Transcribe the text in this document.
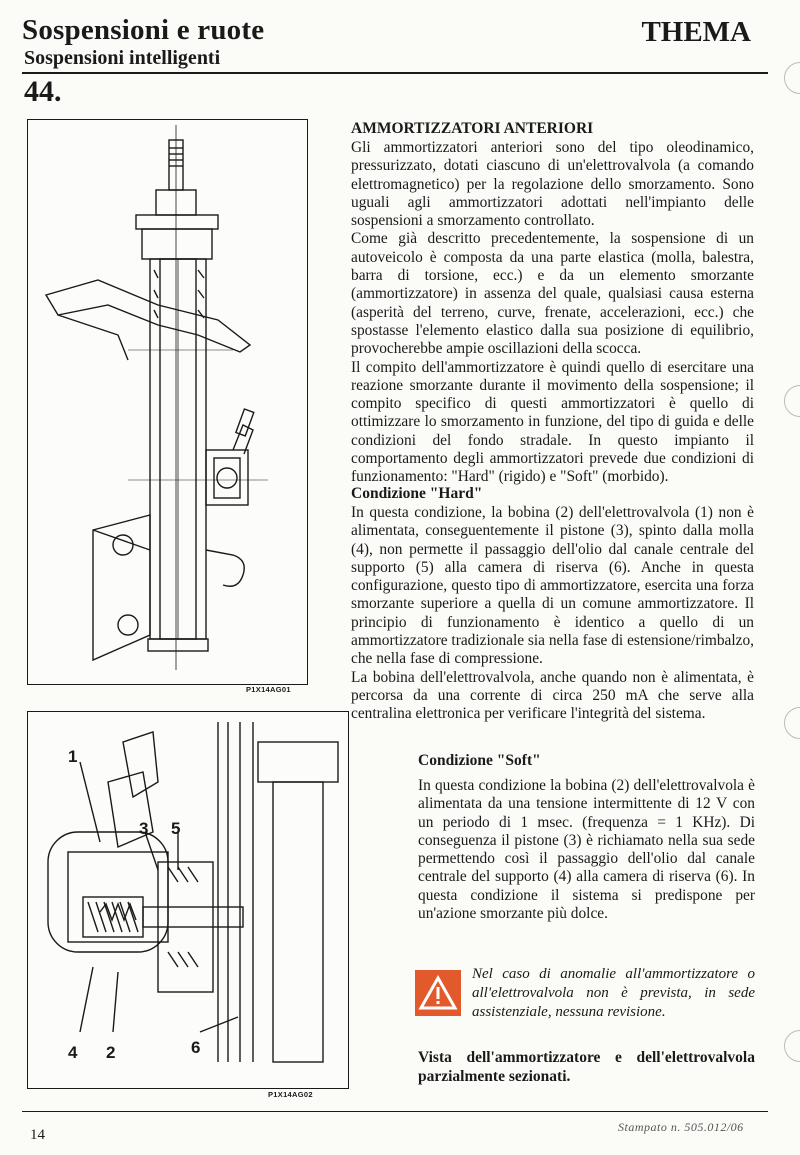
Sospensioni e ruote
Sospensioni intelligenti
THEMA
44.
P1X14AG01
1
3 5
4 2	6
P1X14AG02
AMMORTIZZATORI ANTERIORI

Gli ammortizzatori anteriori sono del tipo oleodinamico, pressurizzato, dotati ciascuno di un'elettrovalvola (a comando elettromagnetico) per la regolazione dello smorzamento. Sono uguali agli ammortizzatori adottati nell'impianto delle sospensioni a smorzamento controllato.

Come già descritto precedentemente, la sospensione di un autoveicolo è composta da una parte elastica (molla, balestra, barra di torsione, ecc.) e da un elemento smorzante (ammortizzatore) in assenza del quale, qualsiasi causa esterna (asperità del terreno, curve, frenate, accelerazioni, ecc.) che spostasse l'elemento elastico dalla sua posizione di equilibrio, provocherebbe ampie oscillazioni della scocca.

Il compito dell'ammortizzatore è quindi quello di esercitare una reazione smorzante durante il movimento della sospensione; il compito specifico di questi ammortizzatori è quello di ottimizzare lo smorzamento in funzione, del tipo di guida e delle condizioni del fondo stradale. In questo impianto il comportamento degli ammortizzatori prevede due condizioni di funzionamento: "Hard" (rigido) e "Soft" (morbido).

Condizione "Hard"

In questa condizione, la bobina (2) dell'elettrovalvola (1) non è alimentata, conseguentemente il pistone (3), spinto dalla molla (4), non permette il passaggio dell'olio dal canale centrale del supporto (5) alla camera di riserva (6). Anche in questa configurazione, questo tipo di ammortizzatore, esercita una forza smorzante superiore a quella di un comune ammortizzatore. Il principio di funzionamento è identico a quello di un ammortizzatore tradizionale sia nella fase di estensione/rimbalzo, che nella fase di compressione.

La bobina dell'elettrovalvola, anche quando non è alimentata, è percorsa da una corrente di circa 250 mA che serve alla centralina elettronica per verificare l'integrità del sistema.

Condizione "Soft"

In questa condizione la bobina (2) dell'elettrovalvola è alimentata da una tensione intermittente di 12 V con un periodo di 1 msec. (frequenza = 1 KHz). Di conseguenza il pistone (3) è richiamato nella sua sede permettendo così il passaggio dell'olio dal canale centrale del supporto (4) alla camera di riserva (6). In questa condizione il sistema si predispone per un'azione smorzante più dolce.

Nel caso di anomalie all'ammortizzatore o all'elettrovalvola non è prevista, in sede assistenziale, nessuna revisione.
Vista dell'ammortizzatore e dell'elettrovalvola parzialmente sezionati.
14	Stampato n. 505.012/06
